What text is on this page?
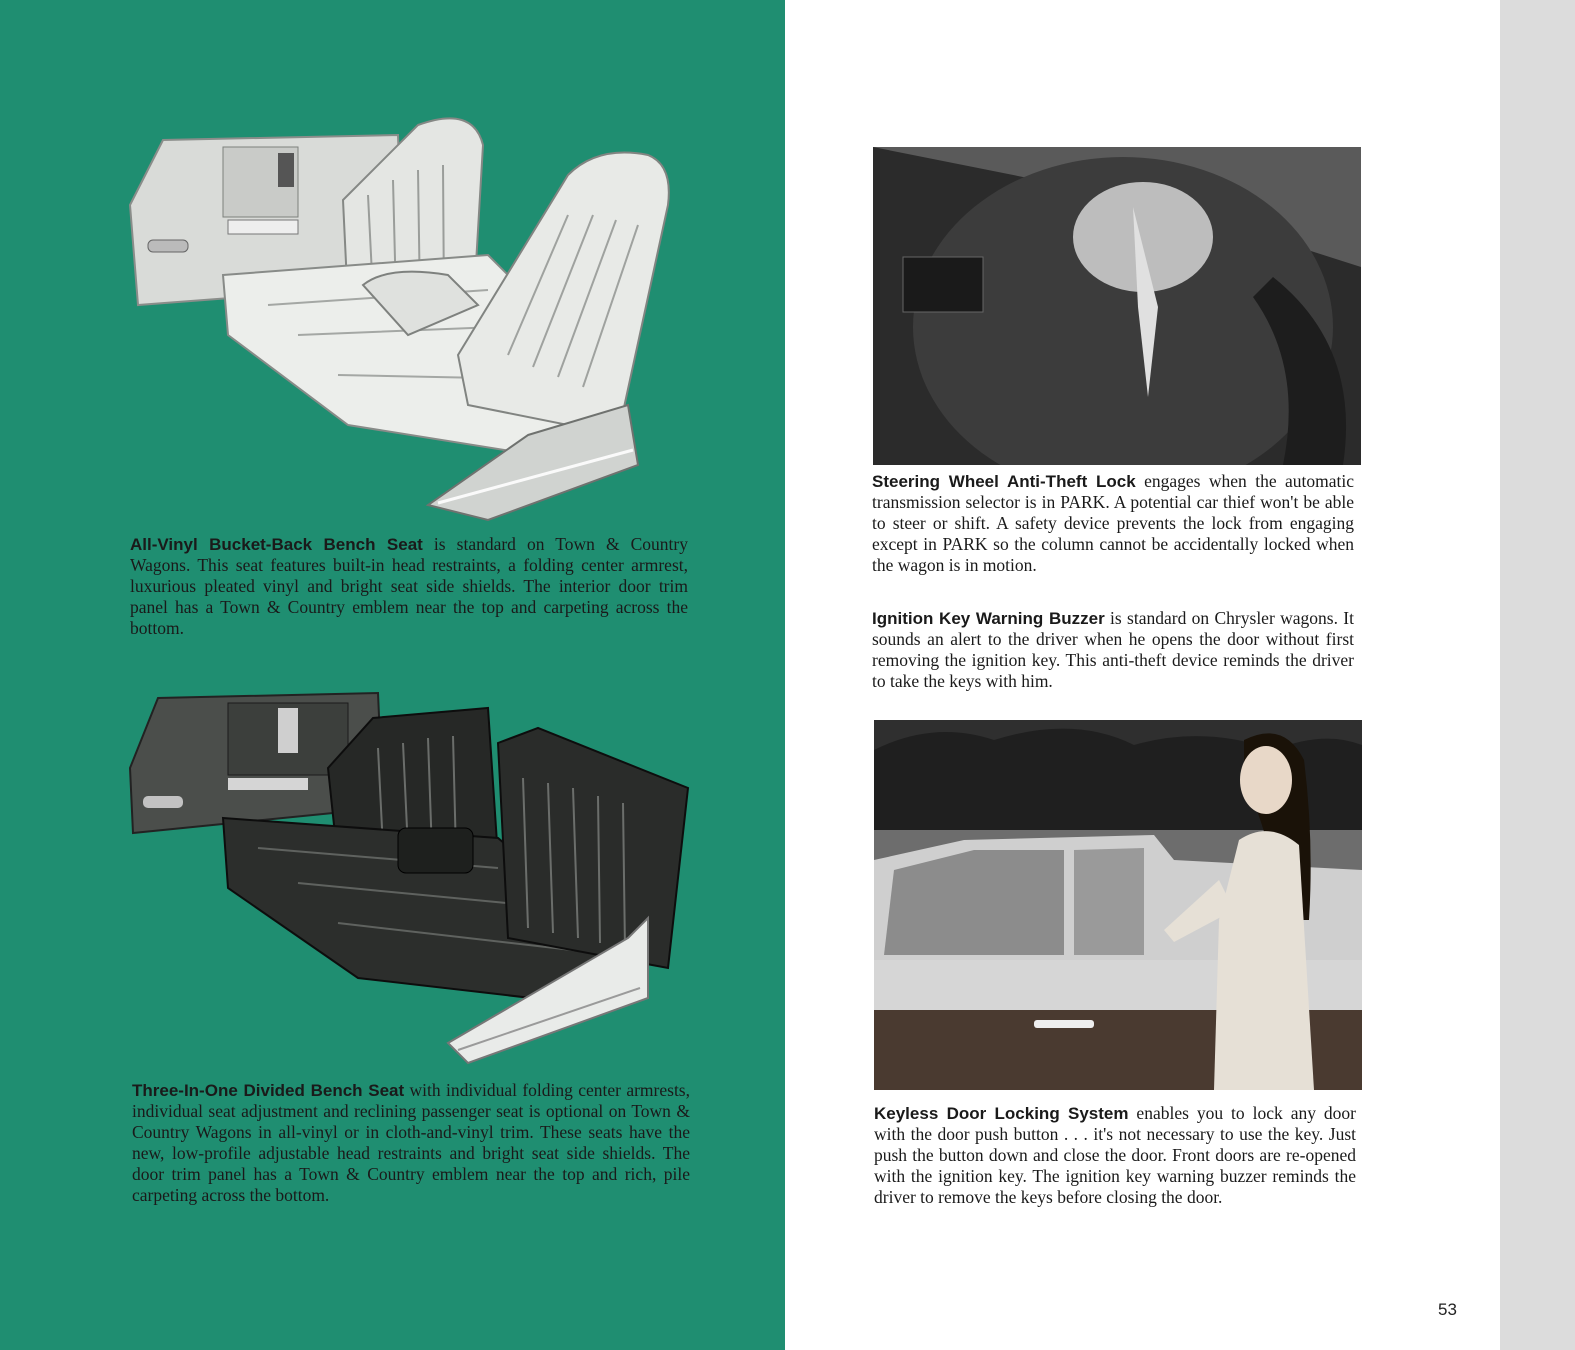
All-Vinyl Bucket-Back Bench Seat is standard on Town & Country Wagons. This seat features built-in head restraints, a folding center armrest, luxurious pleated vinyl and bright seat side shields. The interior door trim panel has a Town & Country emblem near the top and carpeting across the bottom.
Three-In-One Divided Bench Seat with individual folding center armrests, individual seat adjustment and reclining passenger seat is optional on Town & Country Wagons in all-vinyl or in cloth-and-vinyl trim. These seats have the new, low-profile adjustable head restraints and bright seat side shields. The door trim panel has a Town & Country emblem near the top and rich, pile carpeting across the bottom.
Steering Wheel Anti-Theft Lock engages when the automatic transmission selector is in PARK. A potential car thief won't be able to steer or shift. A safety device prevents the lock from engaging except in PARK so the column cannot be accidentally locked when the wagon is in motion.
Ignition Key Warning Buzzer is standard on Chrysler wagons. It sounds an alert to the driver when he opens the door without first removing the ignition key. This anti-theft device reminds the driver to take the keys with him.
Keyless Door Locking System enables you to lock any door with the door push button . . . it's not necessary to use the key. Just push the button down and close the door. Front doors are re-opened with the ignition key. The ignition key warning buzzer reminds the driver to remove the keys before closing the door.
53
